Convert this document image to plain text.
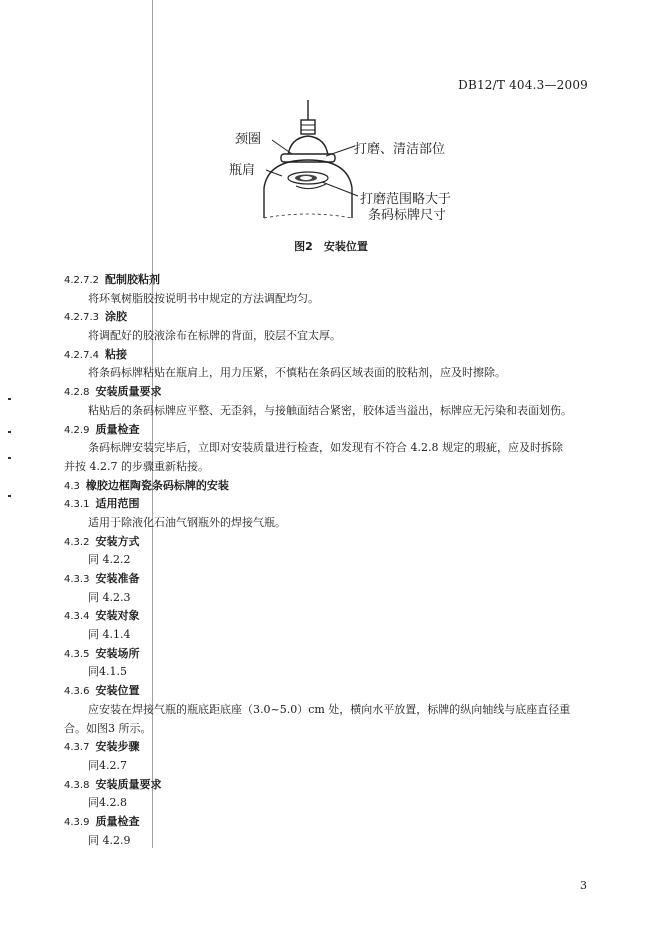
DB12/T 404.3—2009
颈圈
瓶肩
打磨、清洁部位
打磨范围略大于
条码标牌尺寸
图2　安装位置
4.2.7.2 配制胶粘剂
将环氧树脂胶按说明书中规定的方法调配均匀。
4.2.7.3 涂胶
将调配好的胶液涂布在标牌的背面，胶层不宜太厚。
4.2.7.4 粘接
将条码标牌粘贴在瓶肩上，用力压紧，不慎粘在条码区域表面的胶粘剂，应及时擦除。
4.2.8 安装质量要求
粘贴后的条码标牌应平整、无歪斜，与接触面结合紧密，胶体适当溢出，标牌应无污染和表面划伤。
4.2.9 质量检查
条码标牌安装完毕后，立即对安装质量进行检查，如发现有不符合 4.2.8 规定的瑕疵，应及时拆除
并按 4.2.7 的步骤重新粘接。
4.3 橡胶边框陶瓷条码标牌的安装
4.3.1 适用范围
适用于除液化石油气钢瓶外的焊接气瓶。
4.3.2 安装方式
同 4.2.2
4.3.3 安装准备
同 4.2.3
4.3.4 安装对象
同 4.1.4
4.3.5 安装场所
同4.1.5
4.3.6 安装位置
应安装在焊接气瓶的瓶底距底座（3.0~5.0）cm 处，横向水平放置，标牌的纵向轴线与底座直径重
合。如图3 所示。
4.3.7 安装步骤
同4.2.7
4.3.8 安装质量要求
同4.2.8
4.3.9 质量检查
同 4.2.9
3
